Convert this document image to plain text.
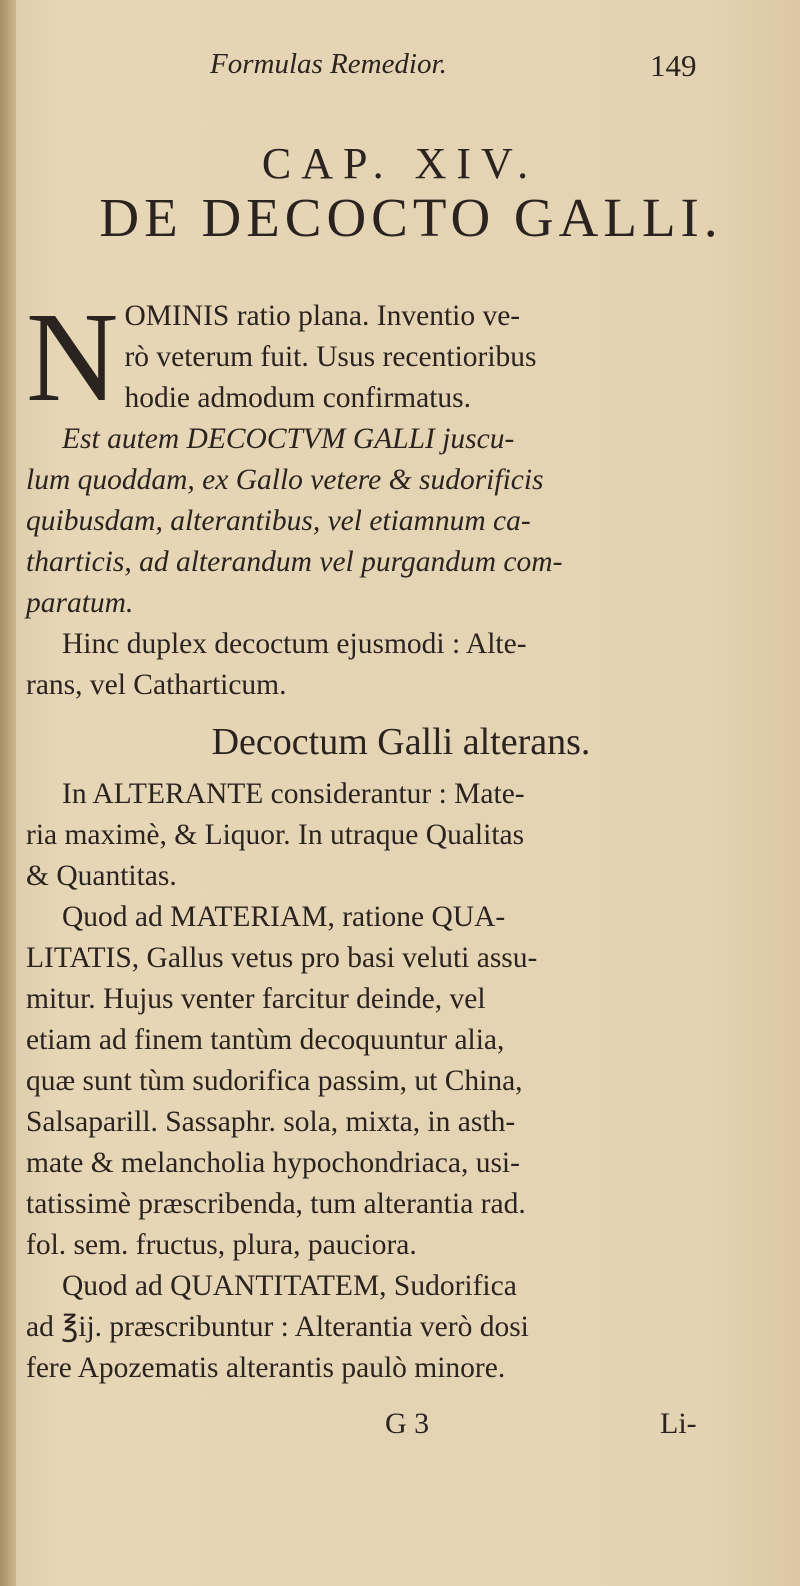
Formulas Remedior.	149
CAP. XIV.
DE DECOCTO GALLI.
N OMINIS ratio plana. Inventio ve-
rò veterum fuit. Usus recentioribus
hodie admodum confirmatus.
Est autem DECOCTVM GALLI juscu-
lum quoddam, ex Gallo vetere & sudorificis
quibusdam, alterantibus, vel etiamnum ca-
tharticis, ad alterandum vel purgandum com-
paratum.
Hinc duplex decoctum ejusmodi : Alte-
rans, vel Catharticum.
Decoctum Galli alterans.
In ALTERANTE considerantur : Mate-
ria maximè, & Liquor. In utraque Qualitas
& Quantitas.
Quod ad MATERIAM, ratione QUA-
LITATIS, Gallus vetus pro basi veluti assu-
mitur. Hujus venter farcitur deinde, vel
etiam ad finem tantùm decoquuntur alia,
quæ sunt tùm sudorifica passim, ut China,
Salsaparill. Sassaphr. sola, mixta, in asth-
mate & melancholia hypochondriaca, usi-
tatissimè præscribenda, tum alterantia rad.
fol. sem. fructus, plura, pauciora.
Quod ad QUANTITATEM, Sudorifica
ad ℥ij. præscribuntur : Alterantia verò dosi
fere Apozematis alterantis paulò minore.
G 3	Li-
